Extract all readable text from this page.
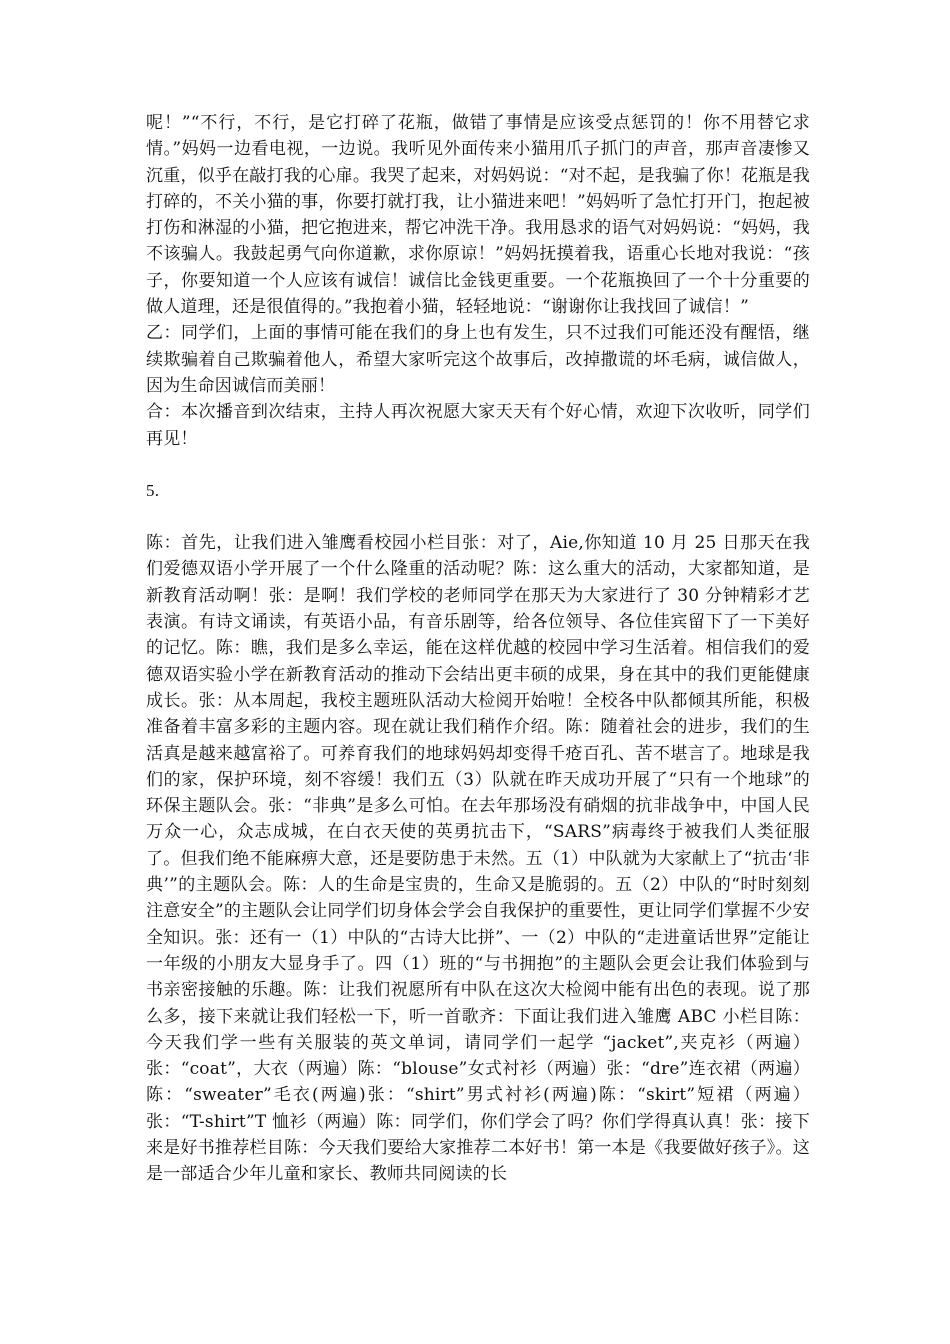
呢！”“不行，不行，是它打碎了花瓶，做错了事情是应该受点惩罚的！你不用替它求情。”妈妈一边看电视，一边说。我听见外面传来小猫用爪子抓门的声音，那声音凄惨又沉重，似乎在敲打我的心扉。我哭了起来，对妈妈说：“对不起，是我骗了你！花瓶是我打碎的，不关小猫的事，你要打就打我，让小猫进来吧！”妈妈听了急忙打开门，抱起被打伤和淋湿的小猫，把它抱进来，帮它冲洗干净。我用恳求的语气对妈妈说：“妈妈，我不该骗人。我鼓起勇气向你道歉，求你原谅！”妈妈抚摸着我，语重心长地对我说：“孩子，你要知道一个人应该有诚信！诚信比金钱更重要。一个花瓶换回了一个十分重要的做人道理，还是很值得的。”我抱着小猫，轻轻地说：“谢谢你让我找回了诚信！”

乙：同学们，上面的事情可能在我们的身上也有发生，只不过我们可能还没有醒悟，继续欺骗着自己欺骗着他人，希望大家听完这个故事后，改掉撒谎的坏毛病，诚信做人，因为生命因诚信而美丽！

合：本次播音到次结束，主持人再次祝愿大家天天有个好心情，欢迎下次收听，同学们再见！

5.

陈：首先，让我们进入雏鹰看校园小栏目张：对了，Aie,你知道 10 月 25 日那天在我们爱德双语小学开展了一个什么隆重的活动呢？陈：这么重大的活动，大家都知道，是新教育活动啊！张：是啊！我们学校的老师同学在那天为大家进行了 30 分钟精彩才艺表演。有诗文诵读，有英语小品，有音乐剧等，给各位领导、各位佳宾留下了一下美好的记忆。陈：瞧，我们是多么幸运，能在这样优越的校园中学习生活着。相信我们的爱德双语实验小学在新教育活动的推动下会结出更丰硕的成果，身在其中的我们更能健康成长。张：从本周起，我校主题班队活动大检阅开始啦！全校各中队都倾其所能，积极准备着丰富多彩的主题内容。现在就让我们稍作介绍。陈：随着社会的进步，我们的生活真是越来越富裕了。可养育我们的地球妈妈却变得千疮百孔、苦不堪言了。地球是我们的家，保护环境，刻不容缓！我们五（3）队就在昨天成功开展了“只有一个地球”的环保主题队会。张：“非典”是多么可怕。在去年那场没有硝烟的抗非战争中，中国人民万众一心，众志成城，在白衣天使的英勇抗击下，“SARS”病毒终于被我们人类征服了。但我们绝不能麻痹大意，还是要防患于未然。五（1）中队就为大家献上了“抗击‘非典’”的主题队会。陈：人的生命是宝贵的，生命又是脆弱的。五（2）中队的“时时刻刻注意安全”的主题队会让同学们切身体会学会自我保护的重要性，更让同学们掌握不少安全知识。张：还有一（1）中队的“古诗大比拼”、一（2）中队的“走进童话世界”定能让一年级的小朋友大显身手了。四（1）班的“与书拥抱”的主题队会更会让我们体验到与书亲密接触的乐趣。陈：让我们祝愿所有中队在这次大检阅中能有出色的表现。说了那么多，接下来就让我们轻松一下，听一首歌齐：下面让我们进入雏鹰 ABC 小栏目陈：今天我们学一些有关服装的英文单词，请同学们一起学 “jacket”,夹克衫（两遍）张：“coat”，大衣（两遍）陈：“blouse”女式衬衫（两遍）张：“dre”连衣裙（两遍）陈：“sweater”毛衣(两遍)张：“shirt”男式衬衫(两遍)陈：“skirt”短裙（两遍）张：“T-shirt”T 恤衫（两遍）陈：同学们，你们学会了吗？你们学得真认真！张：接下来是好书推荐栏目陈：今天我们要给大家推荐二本好书！第一本是《我要做好孩子》。这是一部适合少年儿童和家长、教师共同阅读的长
